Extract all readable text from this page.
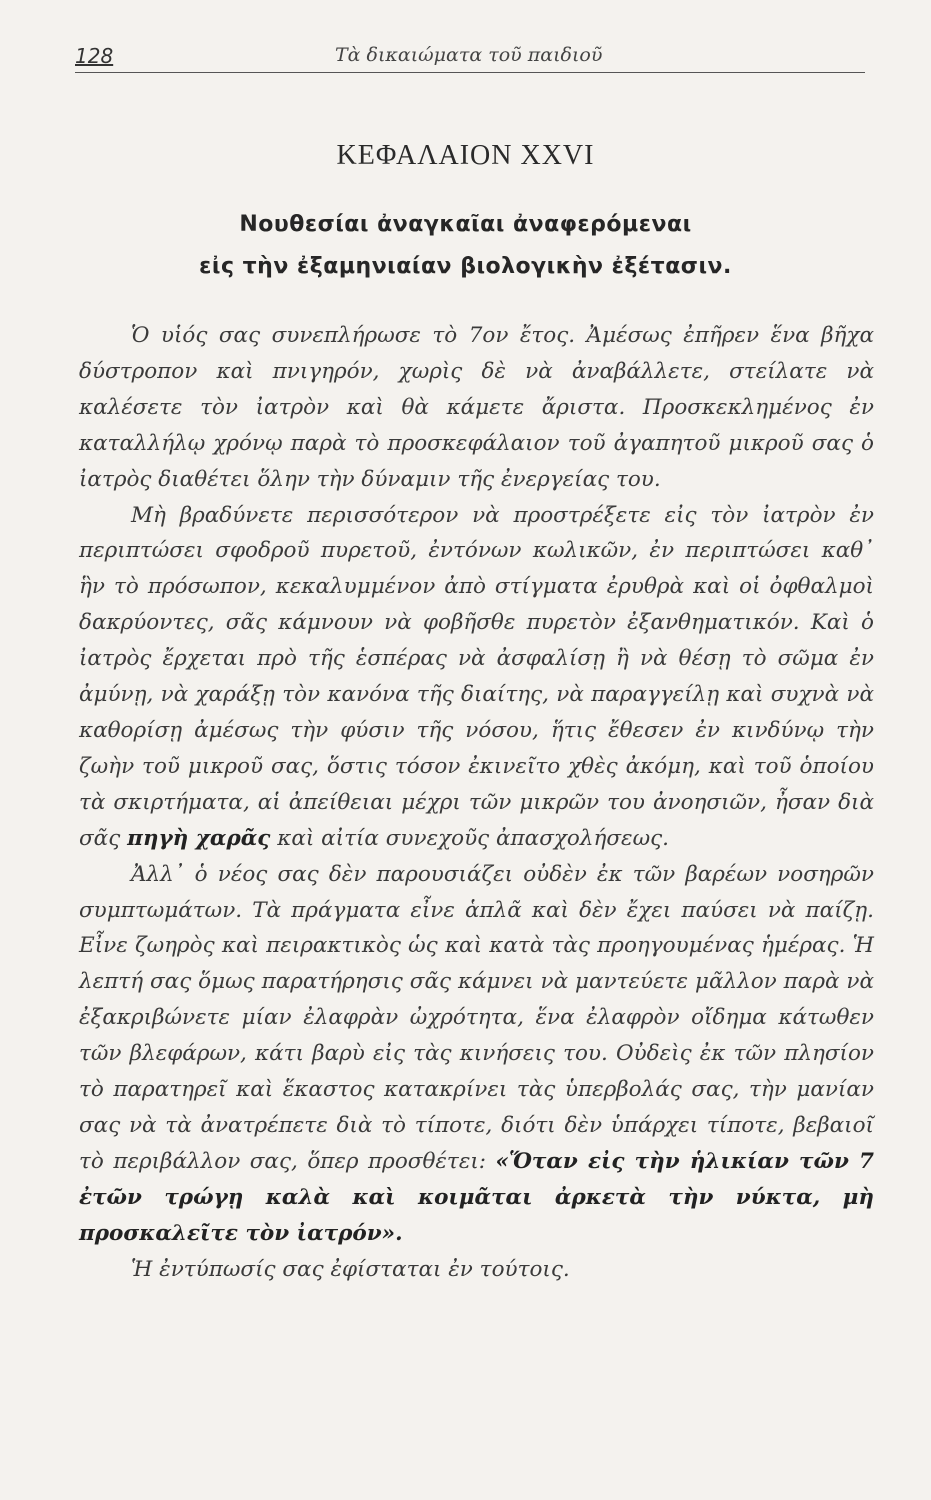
128	Τὰ δικαιώματα τοῦ παιδιοῦ
ΚΕΦΑΛΑΙΟΝ XXVI
Νουθεσίαι ἀναγκαῖαι ἀναφερόμεναι
εἰς τὴν ἐξαμηνιαίαν βιολογικὴν ἐξέτασιν.

Ὁ υἱός σας συνεπλήρωσε τὸ 7ον ἔτος. Ἀμέσως ἐπῆρεν ἕνα βῆχα δύστροπον καὶ πνιγηρόν, χωρὶς δὲ νὰ ἀναβάλλετε, στείλατε νὰ καλέσετε τὸν ἰατρὸν καὶ θὰ κάμετε ἄριστα. Προσκεκλημένος ἐν καταλλήλῳ χρόνῳ παρὰ τὸ προσκεφάλαιον τοῦ ἀγαπητοῦ μικροῦ σας ὁ ἰατρὸς διαθέτει ὅλην τὴν δύναμιν τῆς ἐνεργείας του.

Μὴ βραδύνετε περισσότερον νὰ προστρέξετε εἰς τὸν ἰατρὸν ἐν περιπτώσει σφοδροῦ πυρετοῦ, ἐντόνων κωλικῶν, ἐν περιπτώσει καθ᾽ ἣν τὸ πρόσωπον, κεκαλυμμένον ἀπὸ στίγματα ἐρυθρὰ καὶ οἱ ὀφθαλμοὶ δακρύοντες, σᾶς κάμνουν νὰ φοβῆσθε πυρετὸν ἐξανθηματικόν. Καὶ ὁ ἰατρὸς ἔρχεται πρὸ τῆς ἑσπέρας νὰ ἀσφαλίσῃ ἢ νὰ θέσῃ τὸ σῶμα ἐν ἀμύνῃ, νὰ χαράξῃ τὸν κανόνα τῆς διαίτης, νὰ παραγγείλῃ καὶ συχνὰ νὰ καθορίσῃ ἀμέσως τὴν φύσιν τῆς νόσου, ἥτις ἔθεσεν ἐν κινδύνῳ τὴν ζωὴν τοῦ μικροῦ σας, ὅστις τόσον ἐκινεῖτο χθὲς ἀκόμη, καὶ τοῦ ὁποίου τὰ σκιρτήματα, αἱ ἀπείθειαι μέχρι τῶν μικρῶν του ἀνοησιῶν, ἦσαν διὰ σᾶς πηγὴ χαρᾶς καὶ αἰτία συνεχοῦς ἀπασχολήσεως.

Ἀλλ᾽ ὁ νέος σας δὲν παρουσιάζει οὐδὲν ἐκ τῶν βαρέων νοσηρῶν συμπτωμάτων. Τὰ πράγματα εἶνε ἁπλᾶ καὶ δὲν ἔχει παύσει νὰ παίζῃ. Εἶνε ζωηρὸς καὶ πειρακτικὸς ὡς καὶ κατὰ τὰς προηγουμένας ἡμέρας. Ἡ λεπτή σας ὅμως παρατήρησις σᾶς κάμνει νὰ μαντεύετε μᾶλλον παρὰ νὰ ἐξακριβώνετε μίαν ἐλαφρὰν ὠχρότητα, ἕνα ἐλαφρὸν οἴδημα κάτωθεν τῶν βλεφάρων, κάτι βαρὺ εἰς τὰς κινήσεις του. Οὐδεὶς ἐκ τῶν πλησίον τὸ παρατηρεῖ καὶ ἕκαστος κατακρίνει τὰς ὑπερβολάς σας, τὴν μανίαν σας νὰ τὰ ἀνατρέπετε διὰ τὸ τίποτε, διότι δὲν ὑπάρχει τίποτε, βεβαιοῖ τὸ περιβάλλον σας, ὅπερ προσθέτει: «Ὅταν εἰς τὴν ἡλικίαν τῶν 7 ἐτῶν τρώγῃ καλὰ καὶ κοιμᾶται ἀρκετὰ τὴν νύκτα, μὴ προσκαλεῖτε τὸν ἰατρόν».

Ἡ ἐντύπωσίς σας ἐφίσταται ἐν τούτοις.
